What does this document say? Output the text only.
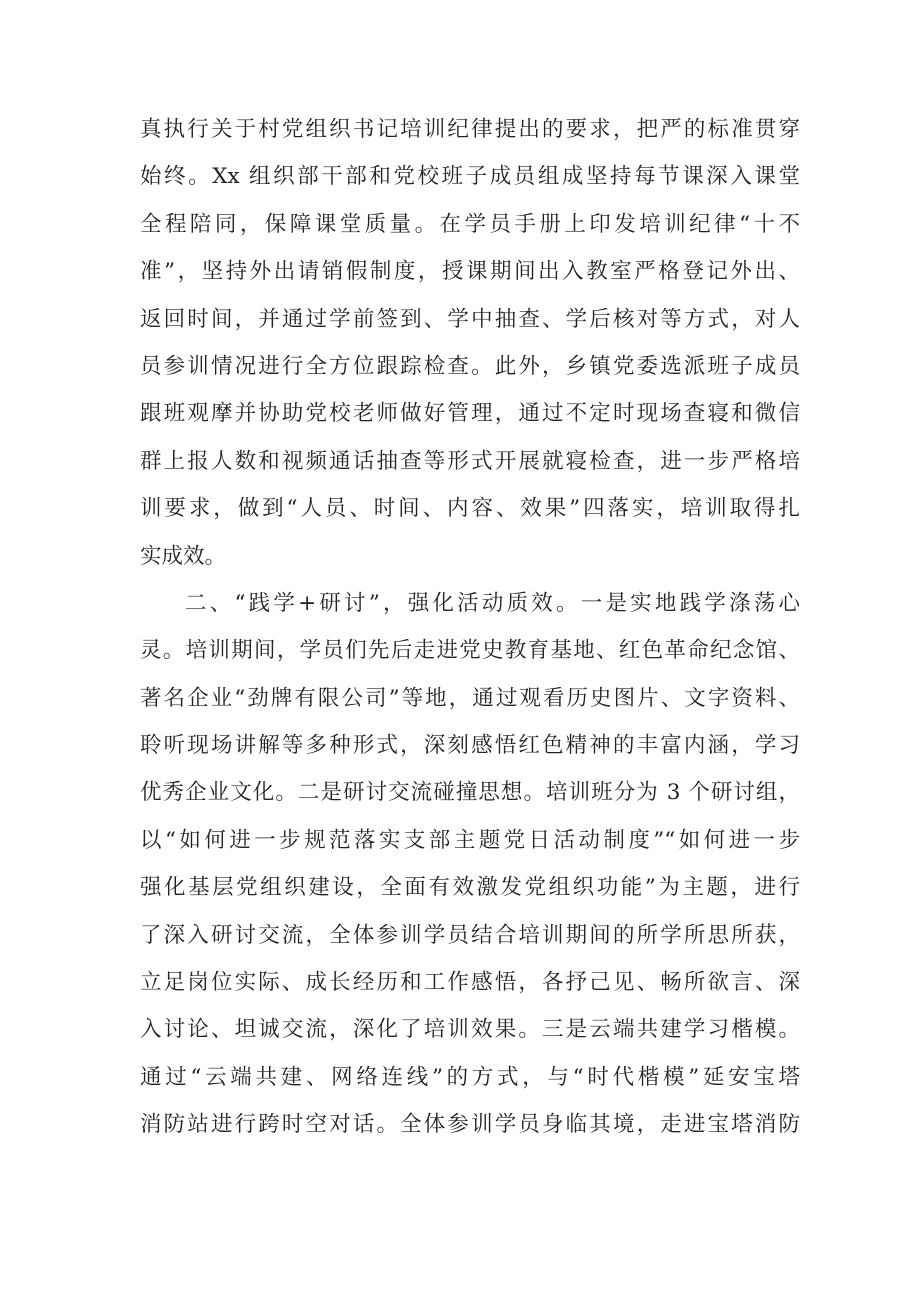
真执行关于村党组织书记培训纪律提出的要求，把严的标准贯穿
始终。Xx 组织部干部和党校班子成员组成坚持每节课深入课堂
全程陪同，保障课堂质量。在学员手册上印发培训纪律“十不
准”，坚持外出请销假制度，授课期间出入教室严格登记外出、
返回时间，并通过学前签到、学中抽查、学后核对等方式，对人
员参训情况进行全方位跟踪检查。此外，乡镇党委选派班子成员
跟班观摩并协助党校老师做好管理，通过不定时现场查寝和微信
群上报人数和视频通话抽查等形式开展就寝检查，进一步严格培
训要求，做到“人员、时间、内容、效果”四落实，培训取得扎
实成效。
二、“践学+研讨”，强化活动质效。一是实地践学涤荡心
灵。培训期间，学员们先后走进党史教育基地、红色革命纪念馆、
著名企业“劲牌有限公司”等地，通过观看历史图片、文字资料、
聆听现场讲解等多种形式，深刻感悟红色精神的丰富内涵，学习
优秀企业文化。二是研讨交流碰撞思想。培训班分为 3 个研讨组，
以“如何进一步规范落实支部主题党日活动制度”“如何进一步
强化基层党组织建设，全面有效激发党组织功能”为主题，进行
了深入研讨交流，全体参训学员结合培训期间的所学所思所获，
立足岗位实际、成长经历和工作感悟，各抒己见、畅所欲言、深
入讨论、坦诚交流，深化了培训效果。三是云端共建学习楷模。
通过“云端共建、网络连线”的方式，与“时代楷模”延安宝塔
消防站进行跨时空对话。全体参训学员身临其境，走进宝塔消防
